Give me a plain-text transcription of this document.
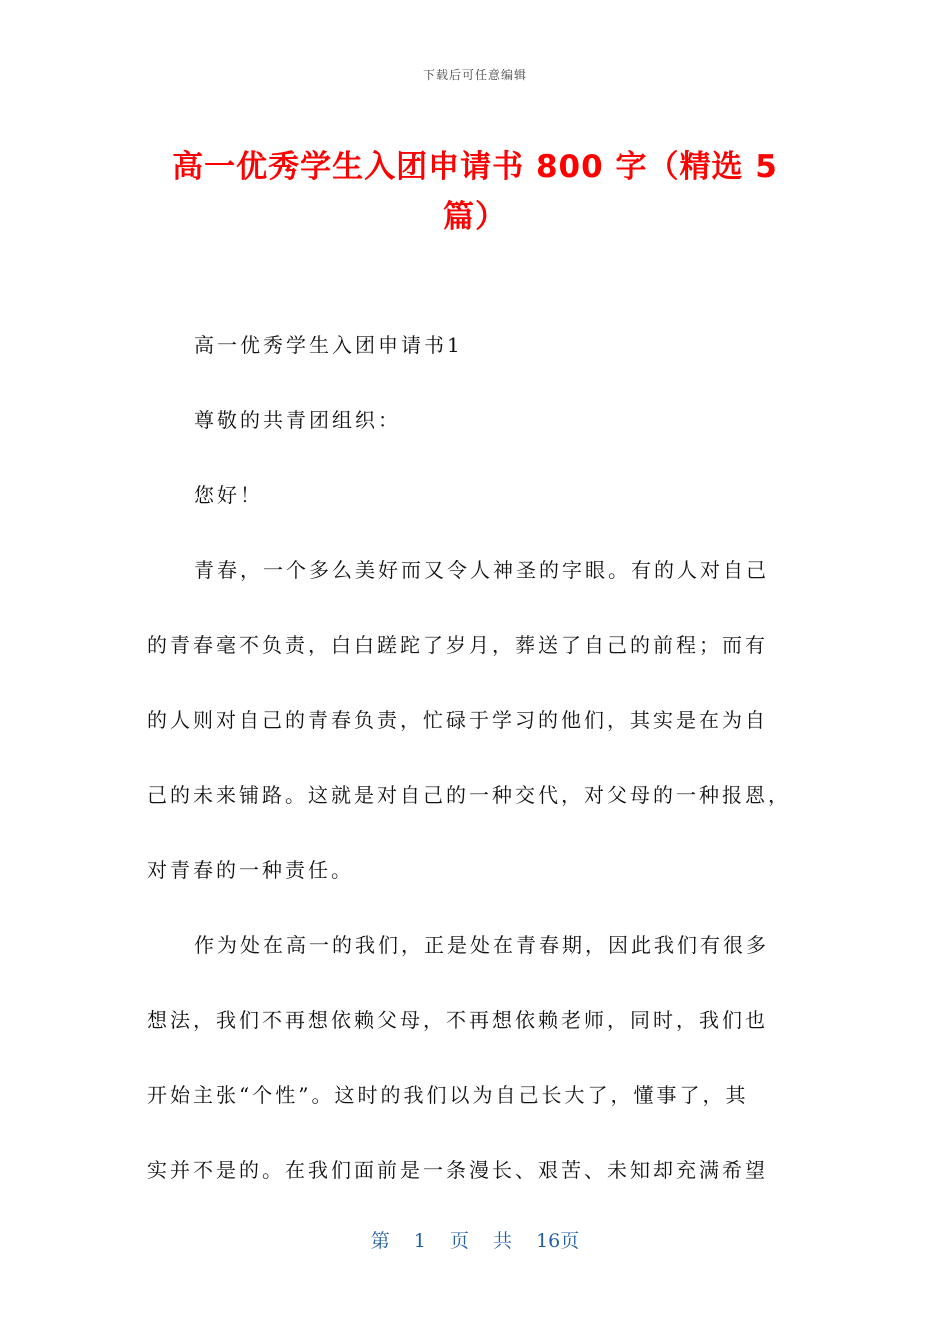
下载后可任意编辑
高一优秀学生入团申请书 800 字（精选 5
篇）

高一优秀学生入团申请书1

尊敬的共青团组织：

您好！

青春，一个多么美好而又令人神圣的字眼。有的人对自己
的青春毫不负责，白白蹉跎了岁月，葬送了自己的前程；而有
的人则对自己的青春负责，忙碌于学习的他们，其实是在为自
己的未来铺路。这就是对自己的一种交代，对父母的一种报恩，
对青春的一种责任。

作为处在高一的我们，正是处在青春期，因此我们有很多
想法，我们不再想依赖父母，不再想依赖老师，同时，我们也
开始主张“个性”。这时的我们以为自己长大了，懂事了，其
实并不是的。在我们面前是一条漫长、艰苦、未知却充满希望

第 1 页 共 16页
